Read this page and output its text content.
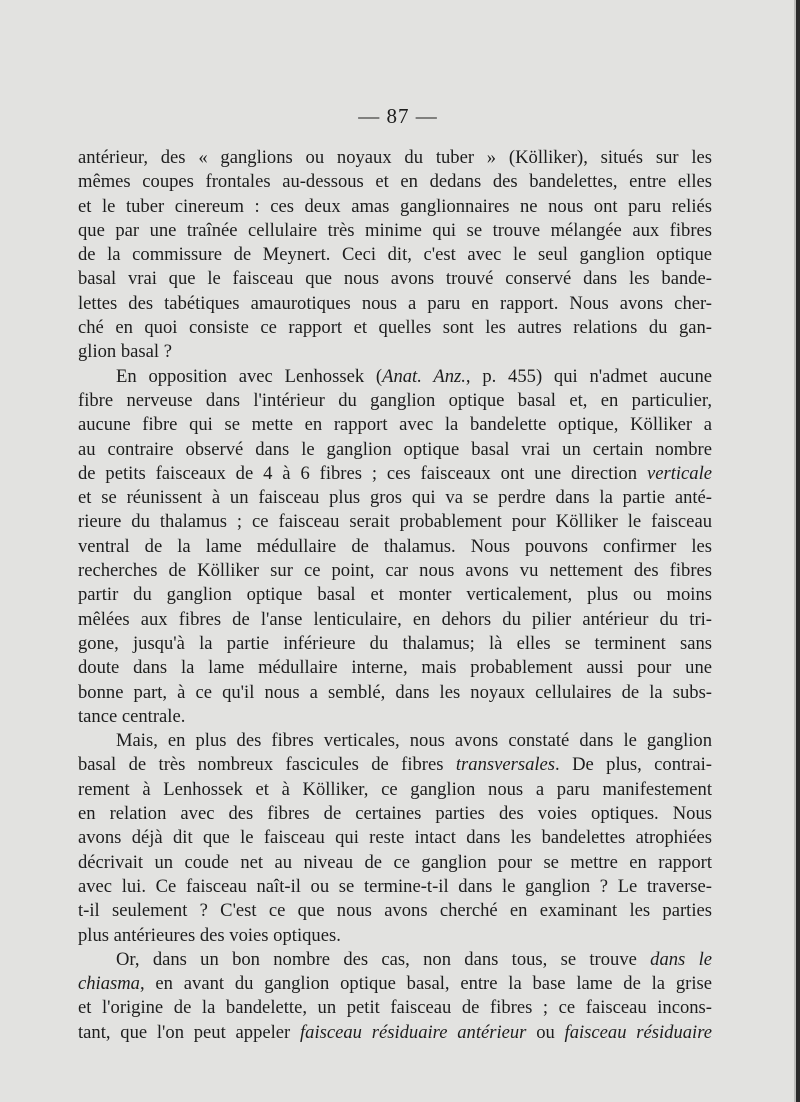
— 87 —
antérieur, des « ganglions ou noyaux du tuber » (Kölliker), situés sur les
mêmes coupes frontales au-dessous et en dedans des bandelettes, entre elles
et le tuber cinereum : ces deux amas ganglionnaires ne nous ont paru reliés
que par une traînée cellulaire très minime qui se trouve mélangée aux fibres
de la commissure de Meynert. Ceci dit, c'est avec le seul ganglion optique
basal vrai que le faisceau que nous avons trouvé conservé dans les bande-
lettes des tabétiques amaurotiques nous a paru en rapport. Nous avons cher-
ché en quoi consiste ce rapport et quelles sont les autres relations du gan-
glion basal ?
En opposition avec Lenhossek (Anat. Anz., p. 455) qui n'admet aucune
fibre nerveuse dans l'intérieur du ganglion optique basal et, en particulier,
aucune fibre qui se mette en rapport avec la bandelette optique, Kölliker a
au contraire observé dans le ganglion optique basal vrai un certain nombre
de petits faisceaux de 4 à 6 fibres ; ces faisceaux ont une direction verticale
et se réunissent à un faisceau plus gros qui va se perdre dans la partie anté-
rieure du thalamus ; ce faisceau serait probablement pour Kölliker le faisceau
ventral de la lame médullaire de thalamus. Nous pouvons confirmer les
recherches de Kölliker sur ce point, car nous avons vu nettement des fibres
partir du ganglion optique basal et monter verticalement, plus ou moins
mêlées aux fibres de l'anse lenticulaire, en dehors du pilier antérieur du tri-
gone, jusqu'à la partie inférieure du thalamus; là elles se terminent sans
doute dans la lame médullaire interne, mais probablement aussi pour une
bonne part, à ce qu'il nous a semblé, dans les noyaux cellulaires de la subs-
tance centrale.
Mais, en plus des fibres verticales, nous avons constaté dans le ganglion
basal de très nombreux fascicules de fibres transversales. De plus, contrai-
rement à Lenhossek et à Kölliker, ce ganglion nous a paru manifestement
en relation avec des fibres de certaines parties des voies optiques. Nous
avons déjà dit que le faisceau qui reste intact dans les bandelettes atrophiées
décrivait un coude net au niveau de ce ganglion pour se mettre en rapport
avec lui. Ce faisceau naît-il ou se termine-t-il dans le ganglion ? Le traverse-
t-il seulement ? C'est ce que nous avons cherché en examinant les parties
plus antérieures des voies optiques.
Or, dans un bon nombre des cas, non dans tous, se trouve dans le
chiasma, en avant du ganglion optique basal, entre la base lame de la grise
et l'origine de la bandelette, un petit faisceau de fibres ; ce faisceau incons-
tant, que l'on peut appeler faisceau résiduaire antérieur ou faisceau résiduaire
